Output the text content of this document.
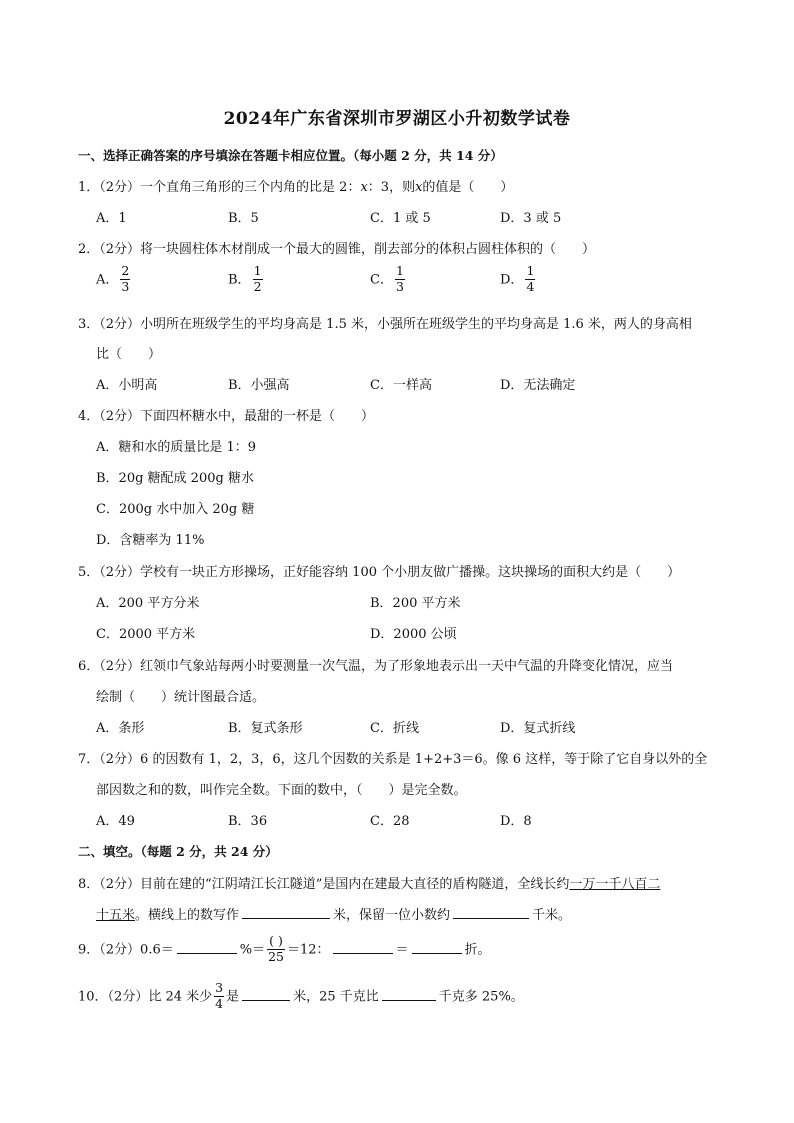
2024年广东省深圳市罗湖区小升初数学试卷
一、选择正确答案的序号填涂在答题卡相应位置。（每小题 2 分，共 14 分）
1．（2分）一个直角三角形的三个内角的比是 2：x：3，则x的值是（　　）
A．1	B．5	C．1 或 5	D．3 或 5
2．（2分）将一块圆柱体木材削成一个最大的圆锥，削去部分的体积占圆柱体积的（　　）
A． $\frac{2}{3}$	B． $\frac{1}{2}$	C． $\frac{1}{3}$	D． $\frac{1}{4}$
3．（2分）小明所在班级学生的平均身高是 1.5 米，小强所在班级学生的平均身高是 1.6 米，两人的身高相
比（　　）
A．小明高	B．小强高	C．一样高	D．无法确定
4．（2分）下面四杯糖水中，最甜的一杯是（　　）
A．糖和水的质量比是 1：9
B．20g 糖配成 200g 糖水
C．200g 水中加入 20g 糖
D．含糖率为 11%
5．（2分）学校有一块正方形操场，正好能容纳 100 个小朋友做广播操。这块操场的面积大约是（　　）
A．200 平方分米	B．200 平方米
C．2000 平方米	D．2000 公顷
6．（2分）红领巾气象站每两小时要测量一次气温，为了形象地表示出一天中气温的升降变化情况，应当
绘制（　　）统计图最合适。
A．条形	B．复式条形	C．折线	D．复式折线
7．（2分）6 的因数有 1，2，3，6，这几个因数的关系是 1+2+3＝6。像 6 这样，等于除了它自身以外的全
部因数之和的数，叫作完全数。下面的数中，（　　）是完全数。
A．49	B．36	C．28	D．8
二、填空。（每题 2 分，共 24 分）
8．（2分）目前在建的“江阴靖江长江隧道”是国内在建最大直径的盾构隧道，全线长约一万一千八百二
十五米。横线上的数写作	米，保留一位小数约	千米。
9．（2分）0.6＝	%＝ $\frac{( )}{25} =12$：	＝	折。
10．（2分）比 24 米少 $\frac{3}{4}$ 是	米，25 千克比	千克多 25%。
